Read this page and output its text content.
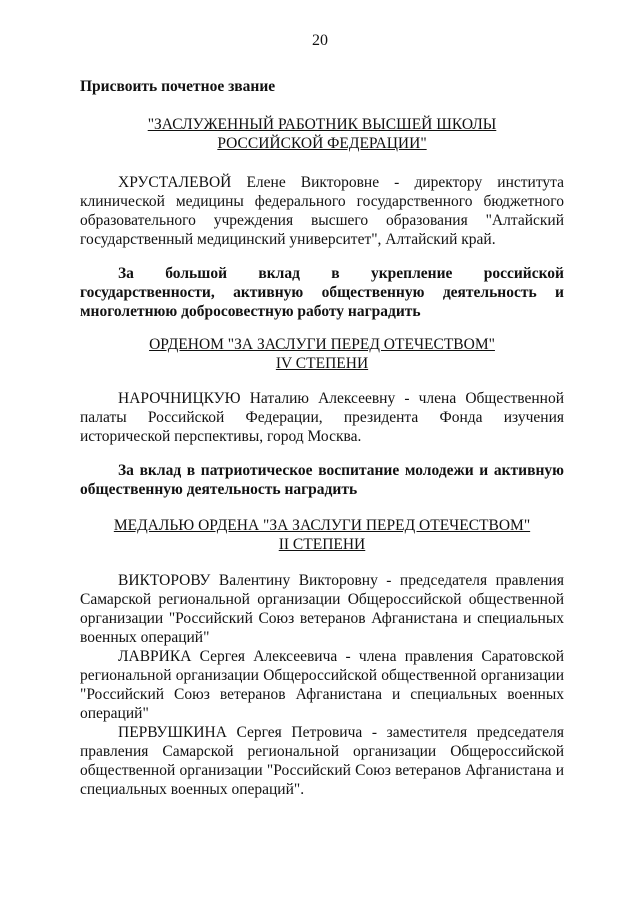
20
Присвоить почетное звание
"ЗАСЛУЖЕННЫЙ РАБОТНИК ВЫСШЕЙ ШКОЛЫ
РОССИЙСКОЙ ФЕДЕРАЦИИ"

ХРУСТАЛЕВОЙ Елене Викторовне - директору института клинической медицины федерального государственного бюджетного образовательного учреждения высшего образования "Алтайский государственный медицинский университет", Алтайский край.

За большой вклад в укрепление российской государственности, активную общественную деятельность и многолетнюю добросовестную работу наградить

ОРДЕНОМ "ЗА ЗАСЛУГИ ПЕРЕД ОТЕЧЕСТВОМ"
IV СТЕПЕНИ

НАРОЧНИЦКУЮ Наталию Алексеевну - члена Общественной палаты Российской Федерации, президента Фонда изучения исторической перспективы, город Москва.

За вклад в патриотическое воспитание молодежи и активную общественную деятельность наградить

МЕДАЛЬЮ ОРДЕНА "ЗА ЗАСЛУГИ ПЕРЕД ОТЕЧЕСТВОМ"
II СТЕПЕНИ

ВИКТОРОВУ Валентину Викторовну - председателя правления Самарской региональной организации Общероссийской общественной организации "Российский Союз ветеранов Афганистана и специальных военных операций"

ЛАВРИКА Сергея Алексеевича - члена правления Саратовской региональной организации Общероссийской общественной организации "Российский Союз ветеранов Афганистана и специальных военных операций"

ПЕРВУШКИНА Сергея Петровича - заместителя председателя правления Самарской региональной организации Общероссийской общественной организации "Российский Союз ветеранов Афганистана и специальных военных операций".
